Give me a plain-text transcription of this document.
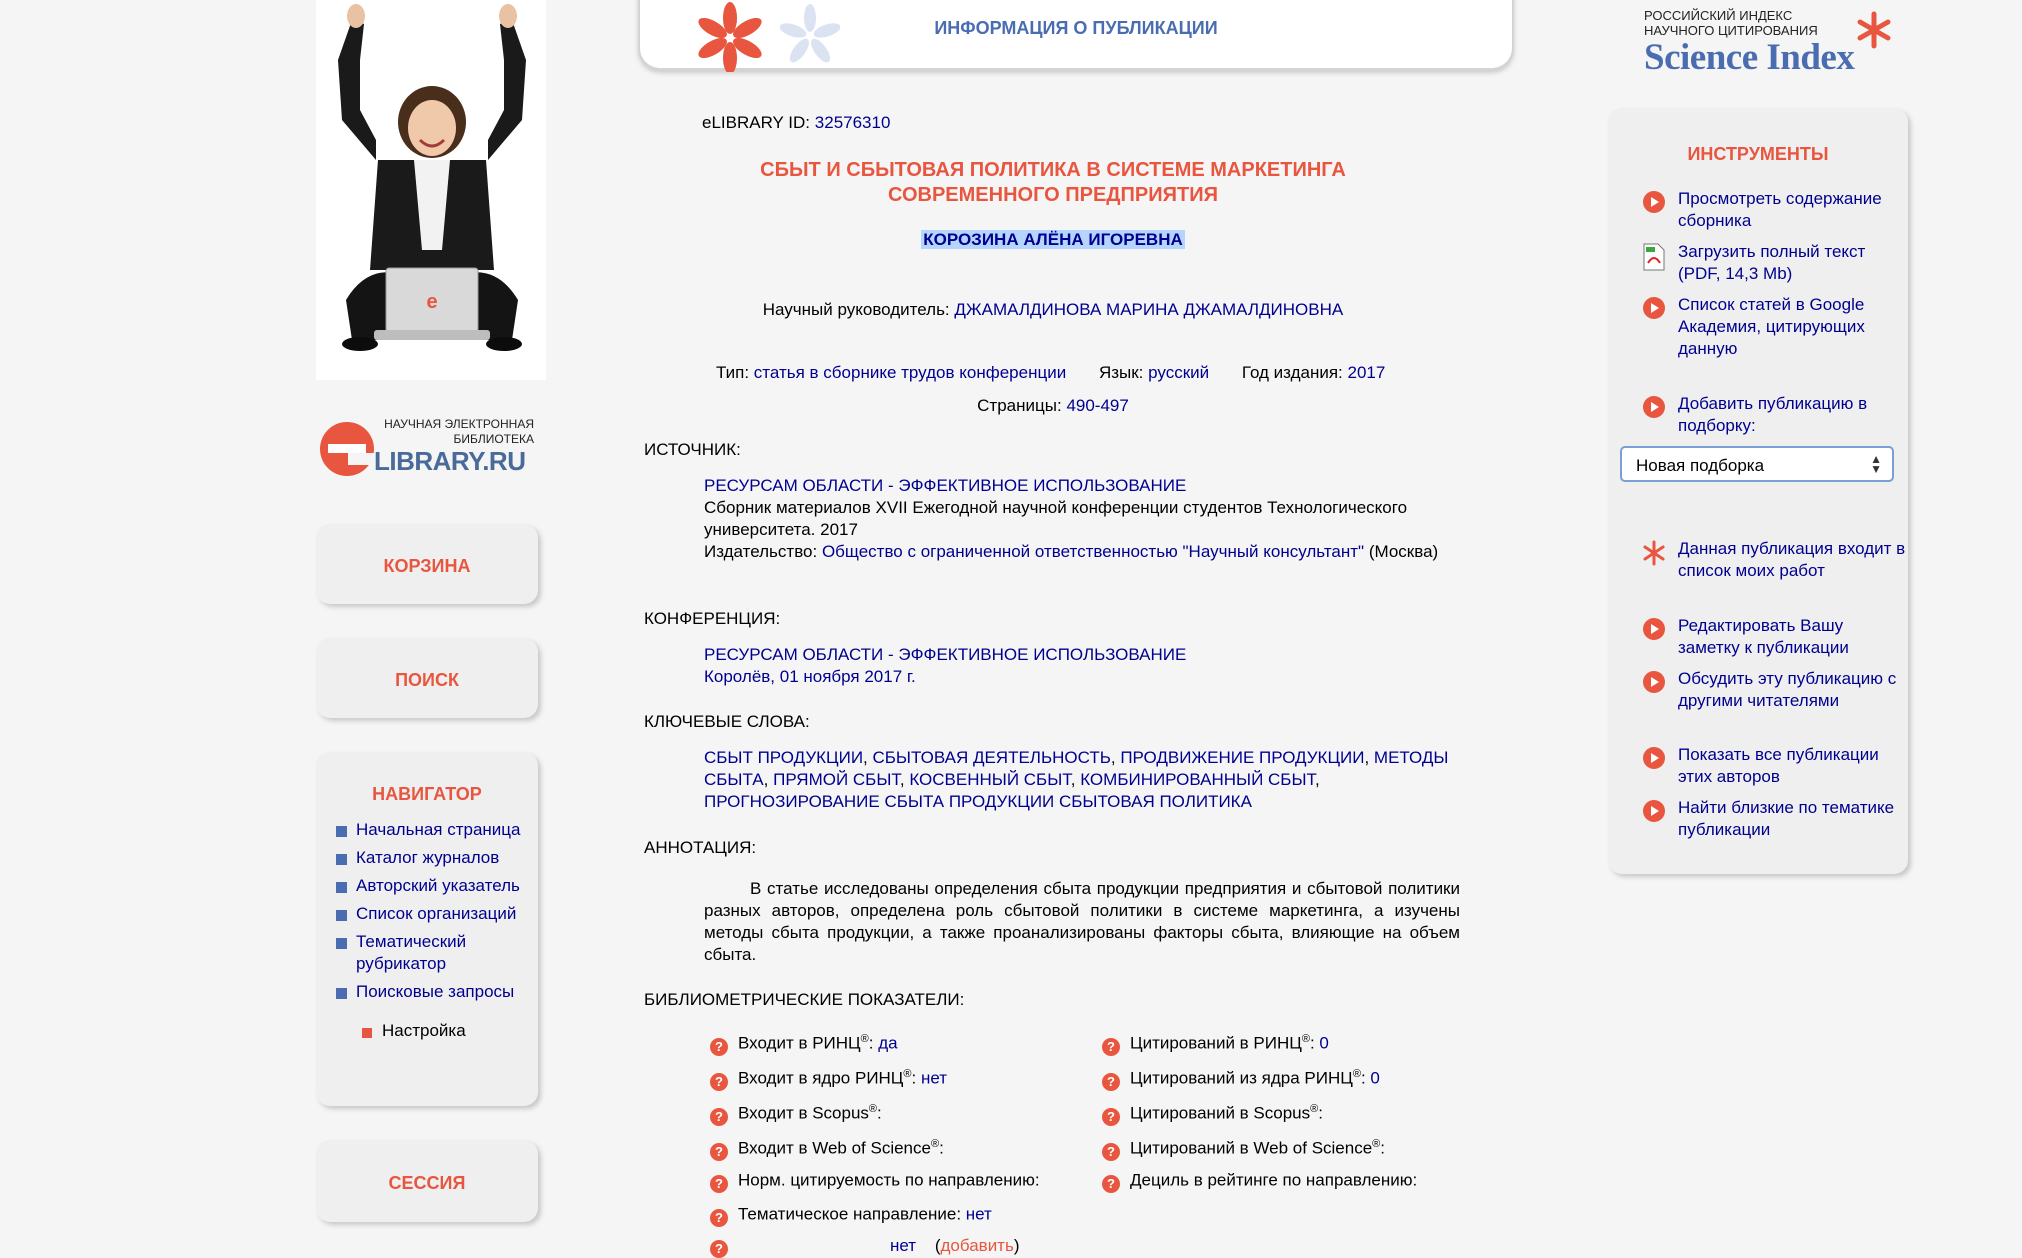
e
НАУЧНАЯ ЭЛЕКТРОННАЯ БИБЛИОТЕКА
LIBRARY.RU
КОРЗИНА
ПОИСК
НАВИГАТОР
Начальная страница
Каталог журналов
Авторский указатель
Список организаций
Тематический рубрикатор
Поисковые запросы
Настройка
СЕССИЯ
ИНФОРМАЦИЯ О ПУБЛИКАЦИИ
eLIBRARY ID: 32576310
СБЫТ И СБЫТОВАЯ ПОЛИТИКА В СИСТЕМЕ МАРКЕТИНГА СОВРЕМЕННОГО ПРЕДПРИЯТИЯ
КОРОЗИНА АЛЁНА ИГОРЕВНА
Научный руководитель: ДЖАМАЛДИНОВА МАРИНА ДЖАМАЛДИНОВНА
Тип: статья в сборнике трудов конференции Язык: русский Год издания: 2017
Страницы: 490-497
ИСТОЧНИК:
РЕСУРСАМ ОБЛАСТИ - ЭФФЕКТИВНОЕ ИСПОЛЬЗОВАНИЕ
Сборник материалов XVII Ежегодной научной конференции студентов Технологического университета. 2017
Издательство: Общество с ограниченной ответственностью "Научный консультант" (Москва)
КОНФЕРЕНЦИЯ:
РЕСУРСАМ ОБЛАСТИ - ЭФФЕКТИВНОЕ ИСПОЛЬЗОВАНИЕ
Королёв, 01 ноября 2017 г.
КЛЮЧЕВЫЕ СЛОВА:
СБЫТ ПРОДУКЦИИ, СБЫТОВАЯ ДЕЯТЕЛЬНОСТЬ, ПРОДВИЖЕНИЕ ПРОДУКЦИИ, МЕТОДЫ СБЫТА, ПРЯМОЙ СБЫТ, КОСВЕННЫЙ СБЫТ, КОМБИНИРОВАННЫЙ СБЫТ, ПРОГНОЗИРОВАНИЕ СБЫТА ПРОДУКЦИИ СБЫТОВАЯ ПОЛИТИКА
АННОТАЦИЯ:
В статье исследованы определения сбыта продукции предприятия и сбытовой политики разных авторов, определена роль сбытовой политики в системе маркетинга, а изучены методы сбыта продукции, а также проанализированы факторы сбыта, влияющие на объем сбыта.
БИБЛИОМЕТРИЧЕСКИЕ ПОКАЗАТЕЛИ:
? Входит в РИНЦ®: да
? Входит в ядро РИНЦ®: нет
? Входит в Scopus®:
? Входит в Web of Science®:
? Норм. цитируемость по направлению:
? Тематическое направление: нет
?	нет (добавить)
? Цитирований в РИНЦ®: 0
? Цитирований из ядра РИНЦ®: 0
? Цитирований в Scopus®:
? Цитирований в Web of Science®:
? Дециль в рейтинге по направлению:
РОССИЙСКИЙ ИНДЕКС НАУЧНОГО ЦИТИРОВАНИЯ
Science Index
ИНСТРУМЕНТЫ
Просмотреть содержание сборника
Загрузить полный текст (PDF, 14,3 Mb)
Список статей в Google Академия, цитирующих данную
Добавить публикацию в подборку:
Новая подборка	▲
▼
Данная публикация входит в список моих работ
Редактировать Вашу заметку к публикации
Обсудить эту публикацию с другими читателями
Показать все публикации этих авторов
Найти близкие по тематике публикации
